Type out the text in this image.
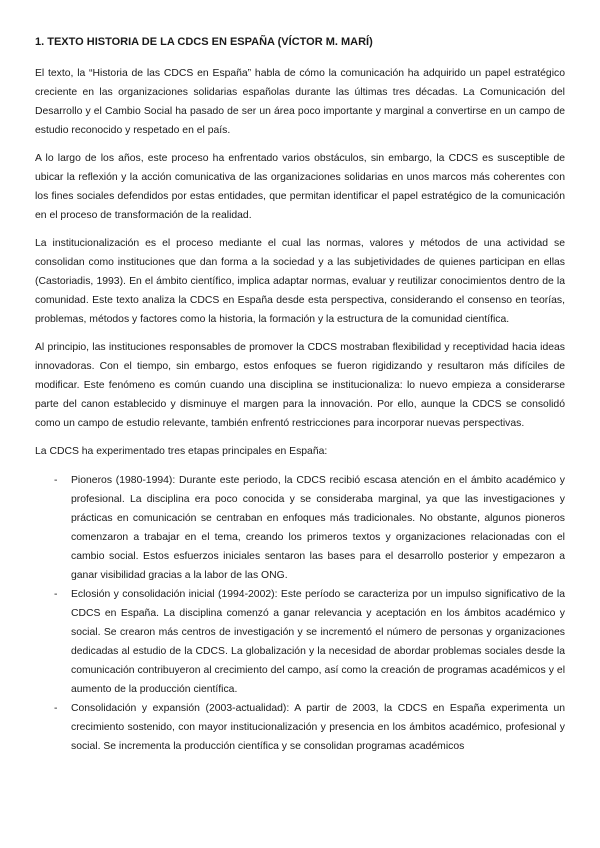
1. TEXTO HISTORIA DE LA CDCS EN ESPAÑA (VÍCTOR M. MARÍ)

El texto, la “Historia de las CDCS en España” habla de cómo la comunicación ha adquirido un papel estratégico creciente en las organizaciones solidarias españolas durante las últimas tres décadas. La Comunicación del Desarrollo y el Cambio Social ha pasado de ser un área poco importante y marginal a convertirse en un campo de estudio reconocido y respetado en el país.

A lo largo de los años, este proceso ha enfrentado varios obstáculos, sin embargo, la CDCS es susceptible de ubicar la reflexión y la acción comunicativa de las organizaciones solidarias en unos marcos más coherentes con los fines sociales defendidos por estas entidades, que permitan identificar el papel estratégico de la comunicación en el proceso de transformación de la realidad.

La institucionalización es el proceso mediante el cual las normas, valores y métodos de una actividad se consolidan como instituciones que dan forma a la sociedad y a las subjetividades de quienes participan en ellas (Castoriadis, 1993). En el ámbito científico, implica adaptar normas, evaluar y reutilizar conocimientos dentro de la comunidad. Este texto analiza la CDCS en España desde esta perspectiva, considerando el consenso en teorías, problemas, métodos y factores como la historia, la formación y la estructura de la comunidad científica.

Al principio, las instituciones responsables de promover la CDCS mostraban flexibilidad y receptividad hacia ideas innovadoras. Con el tiempo, sin embargo, estos enfoques se fueron rigidizando y resultaron más difíciles de modificar. Este fenómeno es común cuando una disciplina se institucionaliza: lo nuevo empieza a considerarse parte del canon establecido y disminuye el margen para la innovación. Por ello, aunque la CDCS se consolidó como un campo de estudio relevante, también enfrentó restricciones para incorporar nuevas perspectivas.

La CDCS ha experimentado tres etapas principales en España:

- Pioneros (1980-1994): Durante este periodo, la CDCS recibió escasa atención en el ámbito académico y profesional. La disciplina era poco conocida y se consideraba marginal, ya que las investigaciones y prácticas en comunicación se centraban en enfoques más tradicionales. No obstante, algunos pioneros comenzaron a trabajar en el tema, creando los primeros textos y organizaciones relacionadas con el cambio social. Estos esfuerzos iniciales sentaron las bases para el desarrollo posterior y empezaron a ganar visibilidad gracias a la labor de las ONG.
- Eclosión y consolidación inicial (1994-2002): Este período se caracteriza por un impulso significativo de la CDCS en España. La disciplina comenzó a ganar relevancia y aceptación en los ámbitos académico y social. Se crearon más centros de investigación y se incrementó el número de personas y organizaciones dedicadas al estudio de la CDCS. La globalización y la necesidad de abordar problemas sociales desde la comunicación contribuyeron al crecimiento del campo, así como la creación de programas académicos y el aumento de la producción científica.
- Consolidación y expansión (2003-actualidad): A partir de 2003, la CDCS en España experimenta un crecimiento sostenido, con mayor institucionalización y presencia en los ámbitos académico, profesional y social. Se incrementa la producción científica y se consolidan programas académicos
